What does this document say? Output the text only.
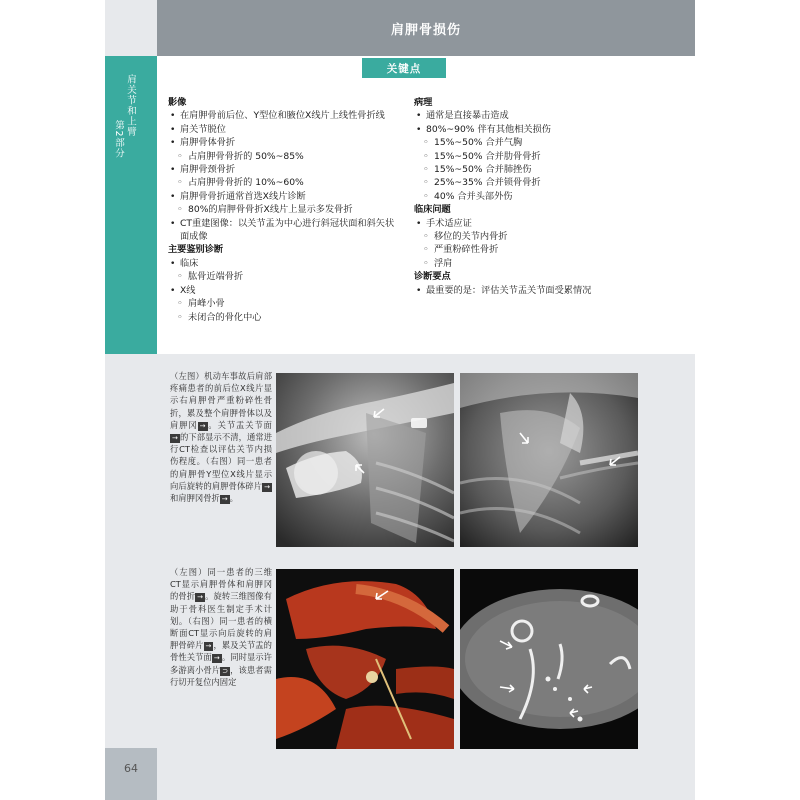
肩胛骨损伤
第2部分
肩关节和上臂
关键点
影像
• 在肩胛骨前后位、Y型位和腋位X线片上线性骨折线
• 肩关节脱位
• 肩胛骨体骨折
◦ 占肩胛骨骨折的 50%~85%
• 肩胛骨颈骨折
◦ 占肩胛骨骨折的 10%~60%
• 肩胛骨骨折通常首选X线片诊断
◦ 80%的肩胛骨骨折X线片上显示多发骨折
• CT重建图像：以关节盂为中心进行斜冠状面和斜矢状面成像
主要鉴别诊断
• 临床
◦ 肱骨近端骨折
• X线
◦ 肩峰小骨
◦ 未闭合的骨化中心
病理
• 通常是直接暴击造成
• 80%~90% 伴有其他相关损伤
◦ 15%~50% 合并气胸
◦ 15%~50% 合并肋骨骨折
◦ 15%~50% 合并肺挫伤
◦ 25%~35% 合并锁骨骨折
◦ 40% 合并头部外伤
临床问题
• 手术适应证
◦ 移位的关节内骨折
◦ 严重粉碎性骨折
◦ 浮肩
诊断要点
• 最重要的是：评估关节盂关节面受累情况
（左图）机动车事故后肩部疼痛患者的前后位X线片显示右肩胛骨严重粉碎性骨折，累及整个肩胛骨体以及肩胛冈 → 。关节盂关节面→ 的下部显示不清，通常进行CT检查以评估关节内损伤程度。（右图）同一患者的肩胛骨Y型位X线片显示向后旋转的肩胛骨体碎片 →和肩胛冈骨折 → 。
（左图）同一患者的三维CT显示肩胛骨体和肩胛冈的骨折 → 。旋转三维图像有助于骨科医生制定手术计划。（右图）同一患者的横断面CT显示向后旋转的肩胛骨碎片 → ，累及关节盂的骨性关节面 → 。同时显示许多游离小骨片 ⊃ ，该患者需行切开复位内固定
64
